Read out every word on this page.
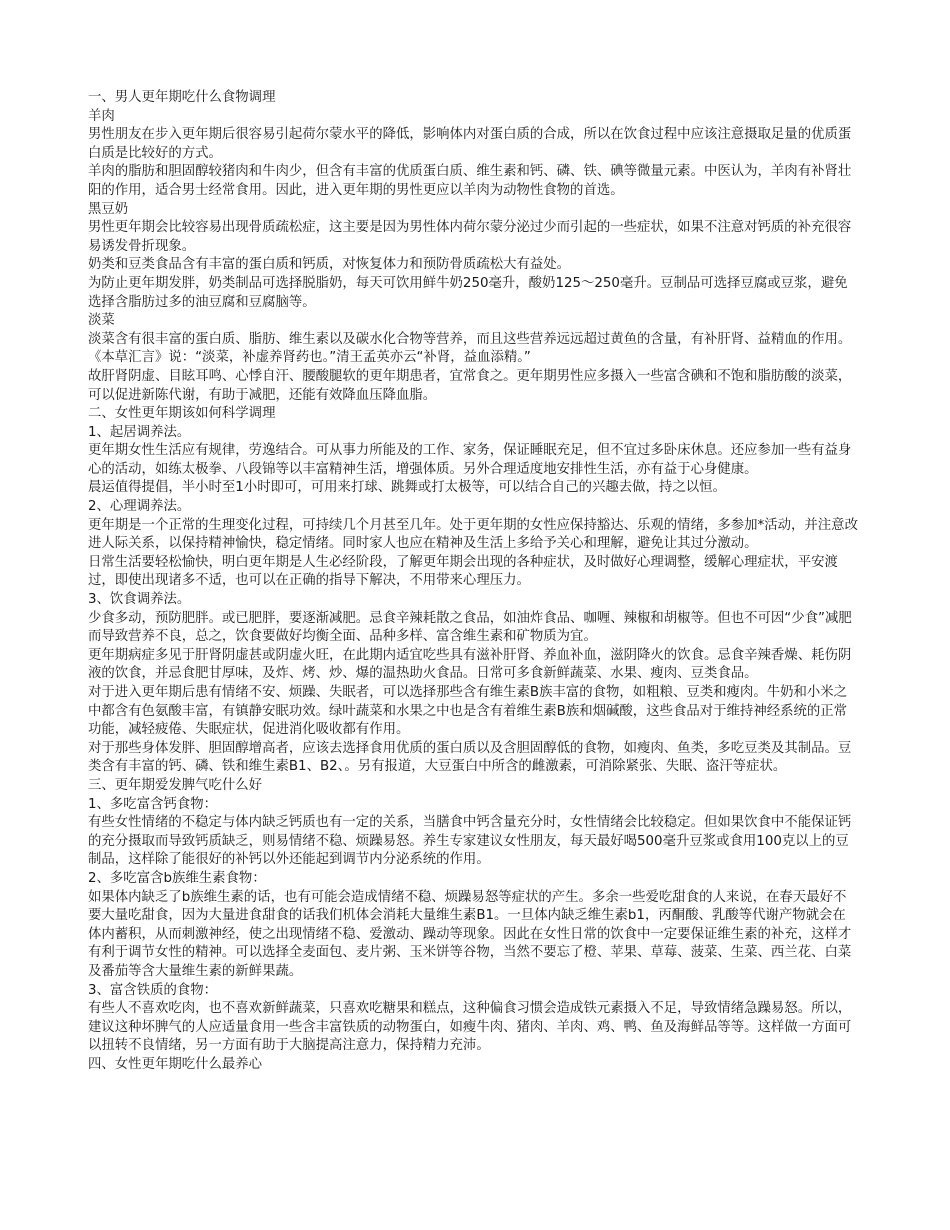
一、男人更年期吃什么食物调理

羊肉

男性朋友在步入更年期后很容易引起荷尔蒙水平的降低，影响体内对蛋白质的合成，所以在饮食过程中应该注意摄取足量的优质蛋白质是比较好的方式。

羊肉的脂肪和胆固醇较猪肉和牛肉少，但含有丰富的优质蛋白质、维生素和钙、磷、铁、碘等微量元素。中医认为，羊肉有补肾壮阳的作用，适合男士经常食用。因此，进入更年期的男性更应以羊肉为动物性食物的首选。

黑豆奶

男性更年期会比较容易出现骨质疏松症，这主要是因为男性体内荷尔蒙分泌过少而引起的一些症状，如果不注意对钙质的补充很容易诱发骨折现象。

奶类和豆类食品含有丰富的蛋白质和钙质，对恢复体力和预防骨质疏松大有益处。

为防止更年期发胖，奶类制品可选择脱脂奶，每天可饮用鲜牛奶250毫升，酸奶125～250毫升。豆制品可选择豆腐或豆浆，避免选择含脂肪过多的油豆腐和豆腐脑等。

淡菜

淡菜含有很丰富的蛋白质、脂肪、维生素以及碳水化合物等营养，而且这些营养远远超过黄鱼的含量，有补肝肾、益精血的作用。《本草汇言》说：“淡菜，补虚养肾药也。”清王孟英亦云“补肾，益血添精。”

故肝肾阴虚、目眩耳鸣、心悸自汗、腰酸腿软的更年期患者，宜常食之。更年期男性应多摄入一些富含碘和不饱和脂肪酸的淡菜，可以促进新陈代谢，有助于减肥，还能有效降血压降血脂。

二、女性更年期该如何科学调理

1、起居调养法。

更年期女性生活应有规律，劳逸结合。可从事力所能及的工作、家务，保证睡眠充足，但不宜过多卧床休息。还应参加一些有益身心的活动，如练太极拳、八段锦等以丰富精神生活，增强体质。另外合理适度地安排性生活，亦有益于心身健康。

晨运值得提倡，半小时至1小时即可，可用来打球、跳舞或打太极等，可以结合自己的兴趣去做，持之以恒。

2、心理调养法。

更年期是一个正常的生理变化过程，可持续几个月甚至几年。处于更年期的女性应保持豁达、乐观的情绪，多参加*活动，并注意改进人际关系，以保持精神愉快，稳定情绪。同时家人也应在精神及生活上多给予关心和理解，避免让其过分激动。

日常生活要轻松愉快，明白更年期是人生必经阶段，了解更年期会出现的各种症状，及时做好心理调整，缓解心理症状，平安渡过，即使出现诸多不适，也可以在正确的指导下解决，不用带来心理压力。

3、饮食调养法。

少食多动，预防肥胖。或已肥胖，要逐渐减肥。忌食辛辣耗散之食品，如油炸食品、咖喱、辣椒和胡椒等。但也不可因“少食”减肥而导致营养不良，总之，饮食要做好均衡全面、品种多样、富含维生素和矿物质为宜。

更年期病症多见于肝肾阴虚甚或阴虚火旺，在此期内适宜吃些具有滋补肝肾、养血补血，滋阴降火的饮食。忌食辛辣香燥、耗伤阴液的饮食，并忌食肥甘厚味，及炸、烤、炒、爆的温热助火食品。日常可多食新鲜蔬菜、水果、瘦肉、豆类食品。

对于进入更年期后患有情绪不安、烦躁、失眠者，可以选择那些含有维生素B族丰富的食物，如粗粮、豆类和瘦肉。牛奶和小米之中都含有色氨酸丰富，有镇静安眠功效。绿叶蔬菜和水果之中也是含有着维生素B族和烟碱酸，这些食品对于维持神经系统的正常功能，减轻疲倦、失眠症状，促进消化吸收都有作用。

对于那些身体发胖、胆固醇增高者，应该去选择食用优质的蛋白质以及含胆固醇低的食物，如瘦肉、鱼类，多吃豆类及其制品。豆类含有丰富的钙、磷、铁和维生素B1、B2、。另有报道，大豆蛋白中所含的雌激素，可消除紧张、失眠、盗汗等症状。

三、更年期爱发脾气吃什么好

1、多吃富含钙食物：

有些女性情绪的不稳定与体内缺乏钙质也有一定的关系，当膳食中钙含量充分时，女性情绪会比较稳定。但如果饮食中不能保证钙的充分摄取而导致钙质缺乏，则易情绪不稳、烦躁易怒。养生专家建议女性朋友，每天最好喝500毫升豆浆或食用100克以上的豆制品，这样除了能很好的补钙以外还能起到调节内分泌系统的作用。

2、多吃富含b族维生素食物：

如果体内缺乏了b族维生素的话，也有可能会造成情绪不稳、烦躁易怒等症状的产生。多余一些爱吃甜食的人来说，在春天最好不要大量吃甜食，因为大量进食甜食的话我们机体会消耗大量维生素B1。一旦体内缺乏维生素b1，丙酮酸、乳酸等代谢产物就会在体内蓄积，从而刺激神经，使之出现情绪不稳、爱激动、躁动等现象。因此在女性日常的饮食中一定要保证维生素的补充，这样才有利于调节女性的精神。可以选择全麦面包、麦片粥、玉米饼等谷物，当然不要忘了橙、苹果、草莓、菠菜、生菜、西兰花、白菜及番茄等含大量维生素的新鲜果蔬。

3、富含铁质的食物：

有些人不喜欢吃肉，也不喜欢新鲜蔬菜，只喜欢吃糖果和糕点，这种偏食习惯会造成铁元素摄入不足，导致情绪急躁易怒。所以，建议这种坏脾气的人应适量食用一些含丰富铁质的动物蛋白，如瘦牛肉、猪肉、羊肉、鸡、鸭、鱼及海鲜品等等。这样做一方面可以扭转不良情绪，另一方面有助于大脑提高注意力，保持精力充沛。

四、女性更年期吃什么最养心
